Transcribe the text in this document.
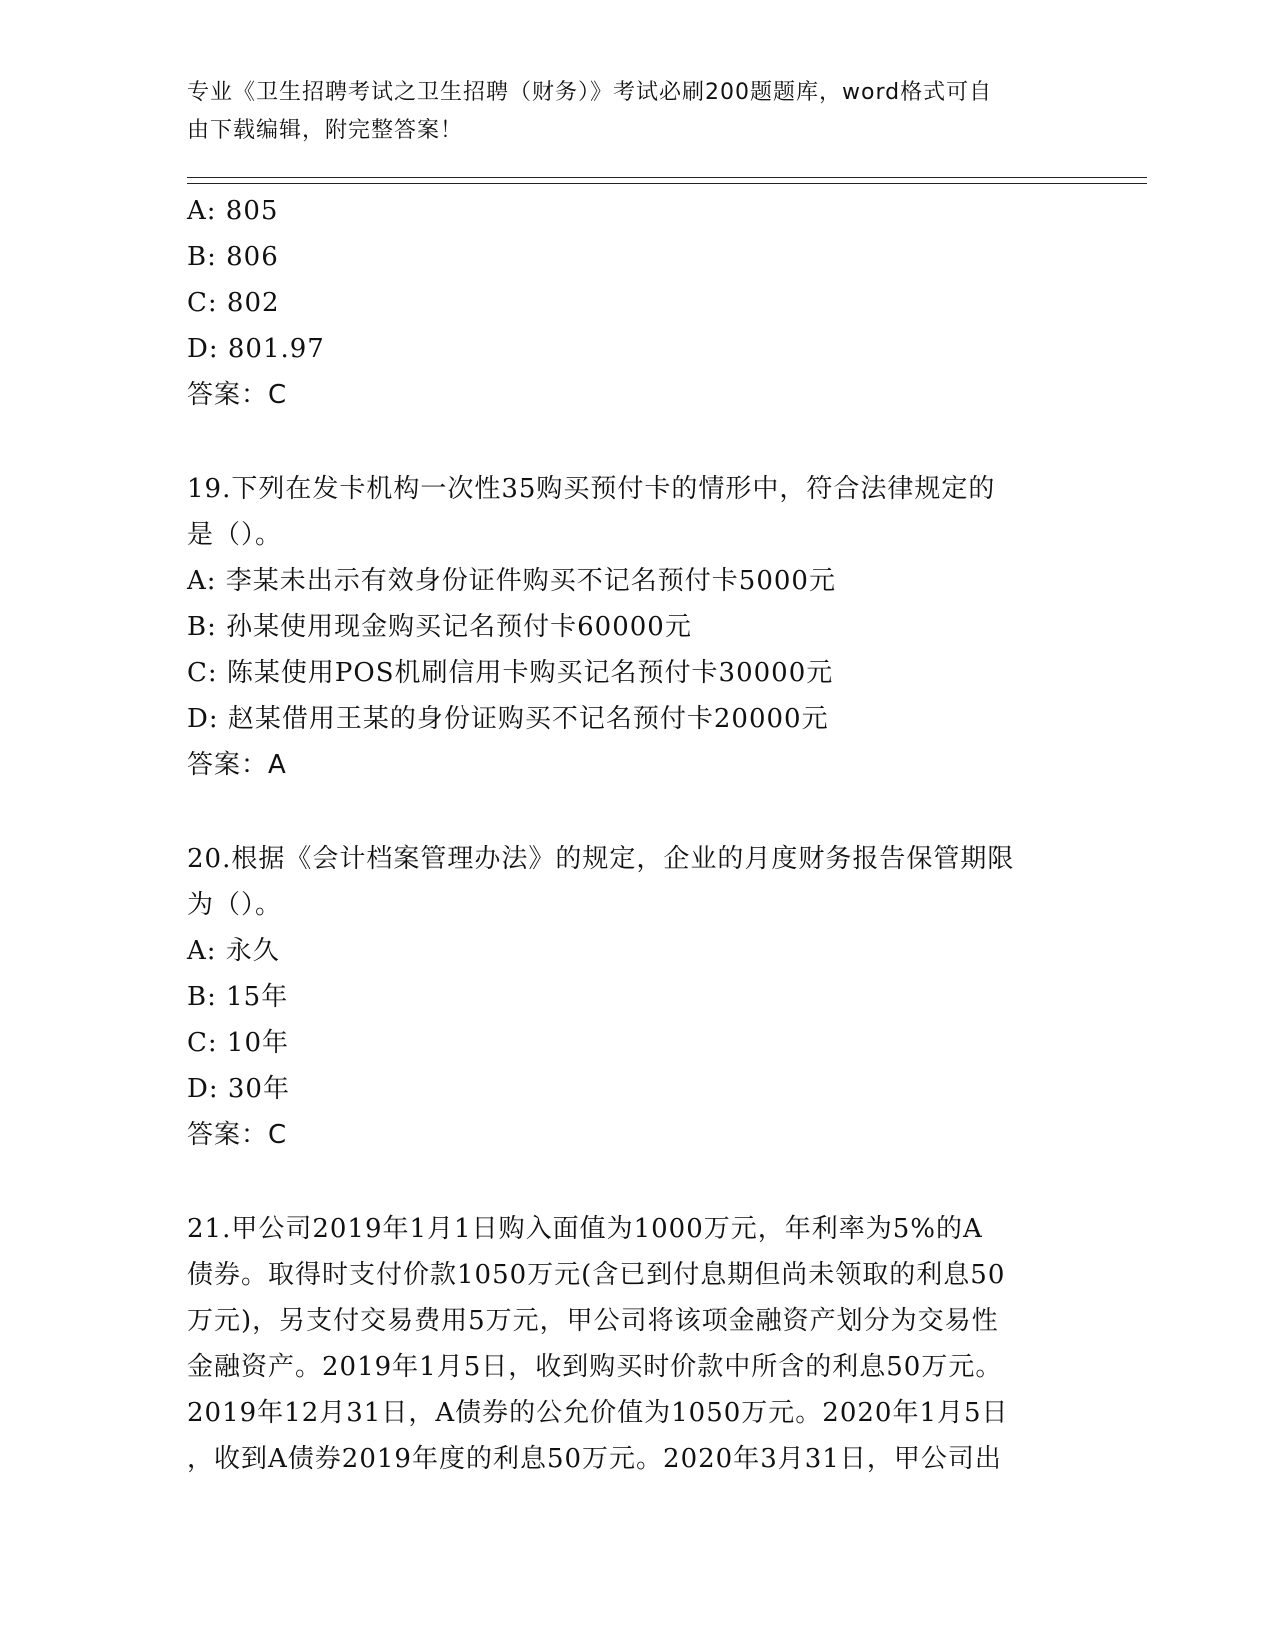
专业《卫生招聘考试之卫生招聘（财务）》考试必刷200题题库，word格式可自
由下载编辑，附完整答案！
A: 805
B: 806
C: 802
D: 801.97
答案：C
19.下列在发卡机构一次性35购买预付卡的情形中，符合法律规定的
是（）。
A: 李某未出示有效身份证件购买不记名预付卡5000元
B: 孙某使用现金购买记名预付卡60000元
C: 陈某使用POS机刷信用卡购买记名预付卡30000元
D: 赵某借用王某的身份证购买不记名预付卡20000元
答案：A
20.根据《会计档案管理办法》的规定，企业的月度财务报告保管期限
为（）。
A: 永久
B: 15年
C: 10年
D: 30年
答案：C
21.甲公司2019年1月1日购入面值为1000万元，年利率为5%的A
债券。取得时支付价款1050万元(含已到付息期但尚未领取的利息50
万元)，另支付交易费用5万元，甲公司将该项金融资产划分为交易性
金融资产。2019年1月5日，收到购买时价款中所含的利息50万元。
2019年12月31日，A债券的公允价值为1050万元。2020年1月5日
，收到A债券2019年度的利息50万元。2020年3月31日，甲公司出
